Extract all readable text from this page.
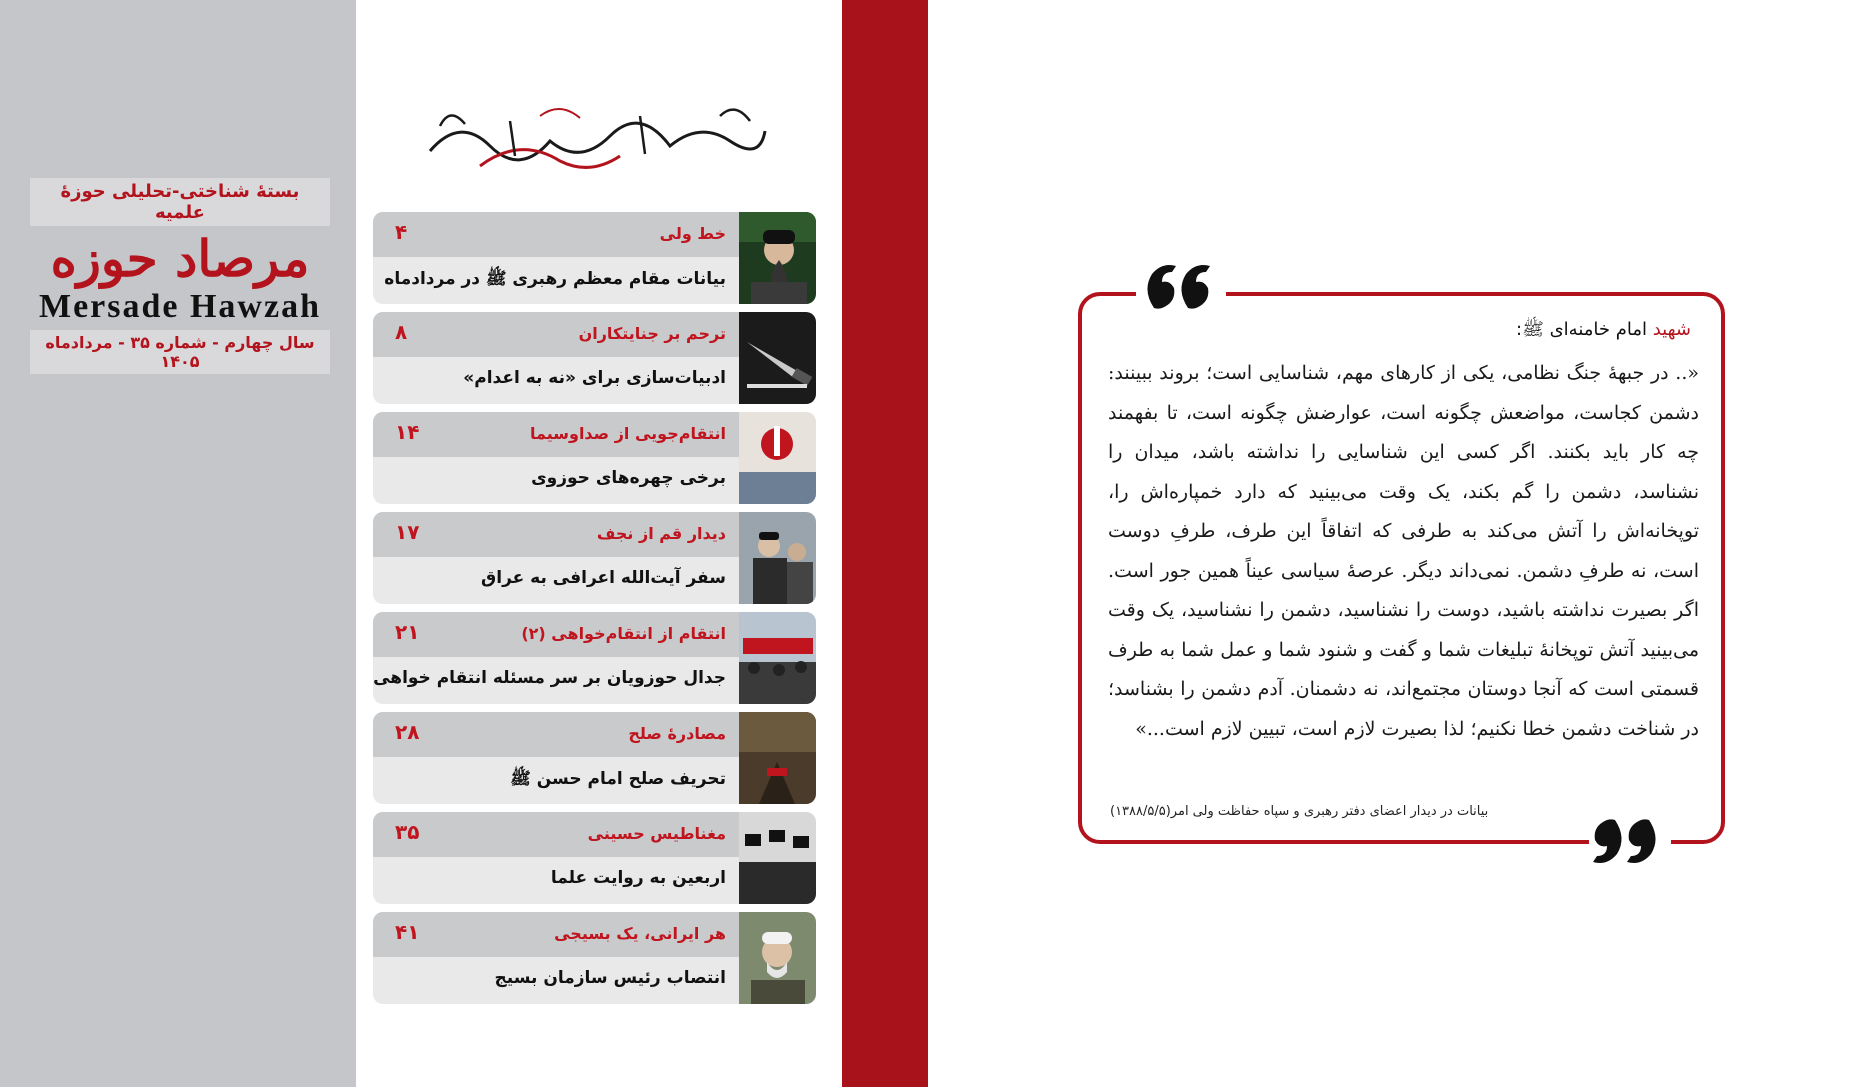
بستهٔ شناختی-تحلیلی حوزهٔ علمیه
مرصاد حوزه
Mersade Hawzah
سال چهارم - شماره ۳۵ - مردادماه ۱۴۰۵
۴	خط ولی
بیانات مقام معظم رهبری ﷺ در مردادماه
۸	ترحم بر جنایتکاران
ادبیات‌سازی برای «نه به اعدام»
۱۴	انتقام‌جویی از صداوسیما
برخی چهره‌های حوزوی
۱۷	دیدار قم از نجف
سفر آیت‌الله اعرافی به عراق
۲۱	انتقام از انتقام‌خواهی (۲)
جدال حوزویان بر سر مسئله انتقام خواهی
۲۸	مصادرهٔ صلح
تحریف صلح امام حسن ﷺ
۳۵	مغناطیس حسینی
اربعین به روایت علما
۴۱	هر ایرانی، یک بسیجی
انتصاب رئیس سازمان بسیج
شهید امام خامنه‌ای ﷺ:

«.. در جبههٔ جنگ نظامی، یکی از کارهای مهم، شناسایی است؛ بروند ببینند: دشمن کجاست، مواضعش چگونه است، عوارضش چگونه است، تا بفهمند چه کار باید بکنند. اگر کسی این شناسایی را نداشته باشد، میدان را نشناسد، دشمن را گم بکند، یک وقت می‌بینید که دارد خمپاره‌اش را، توپخانه‌اش را آتش می‌کند به طرفی که اتفاقاً این طرف، طرفِ دوست است، نه طرفِ دشمن. نمی‌داند دیگر. عرصهٔ سیاسی عیناً همین جور است. اگر بصیرت نداشته باشید، دوست را نشناسید، دشمن را نشناسید، یک وقت می‌بینید آتش توپخانهٔ تبلیغات شما و گفت و شنود شما و عمل شما به طرف قسمتی است که آنجا دوستان مجتمع‌اند، نه دشمنان. آدم دشمن را بشناسد؛ در شناخت دشمن خطا نکنیم؛ لذا بصیرت لازم است، تبیین لازم است...»

بیانات در دیدار اعضای دفتر رهبری و سپاه حفاظت ولی امر(۱۳۸۸/۵/۵)
